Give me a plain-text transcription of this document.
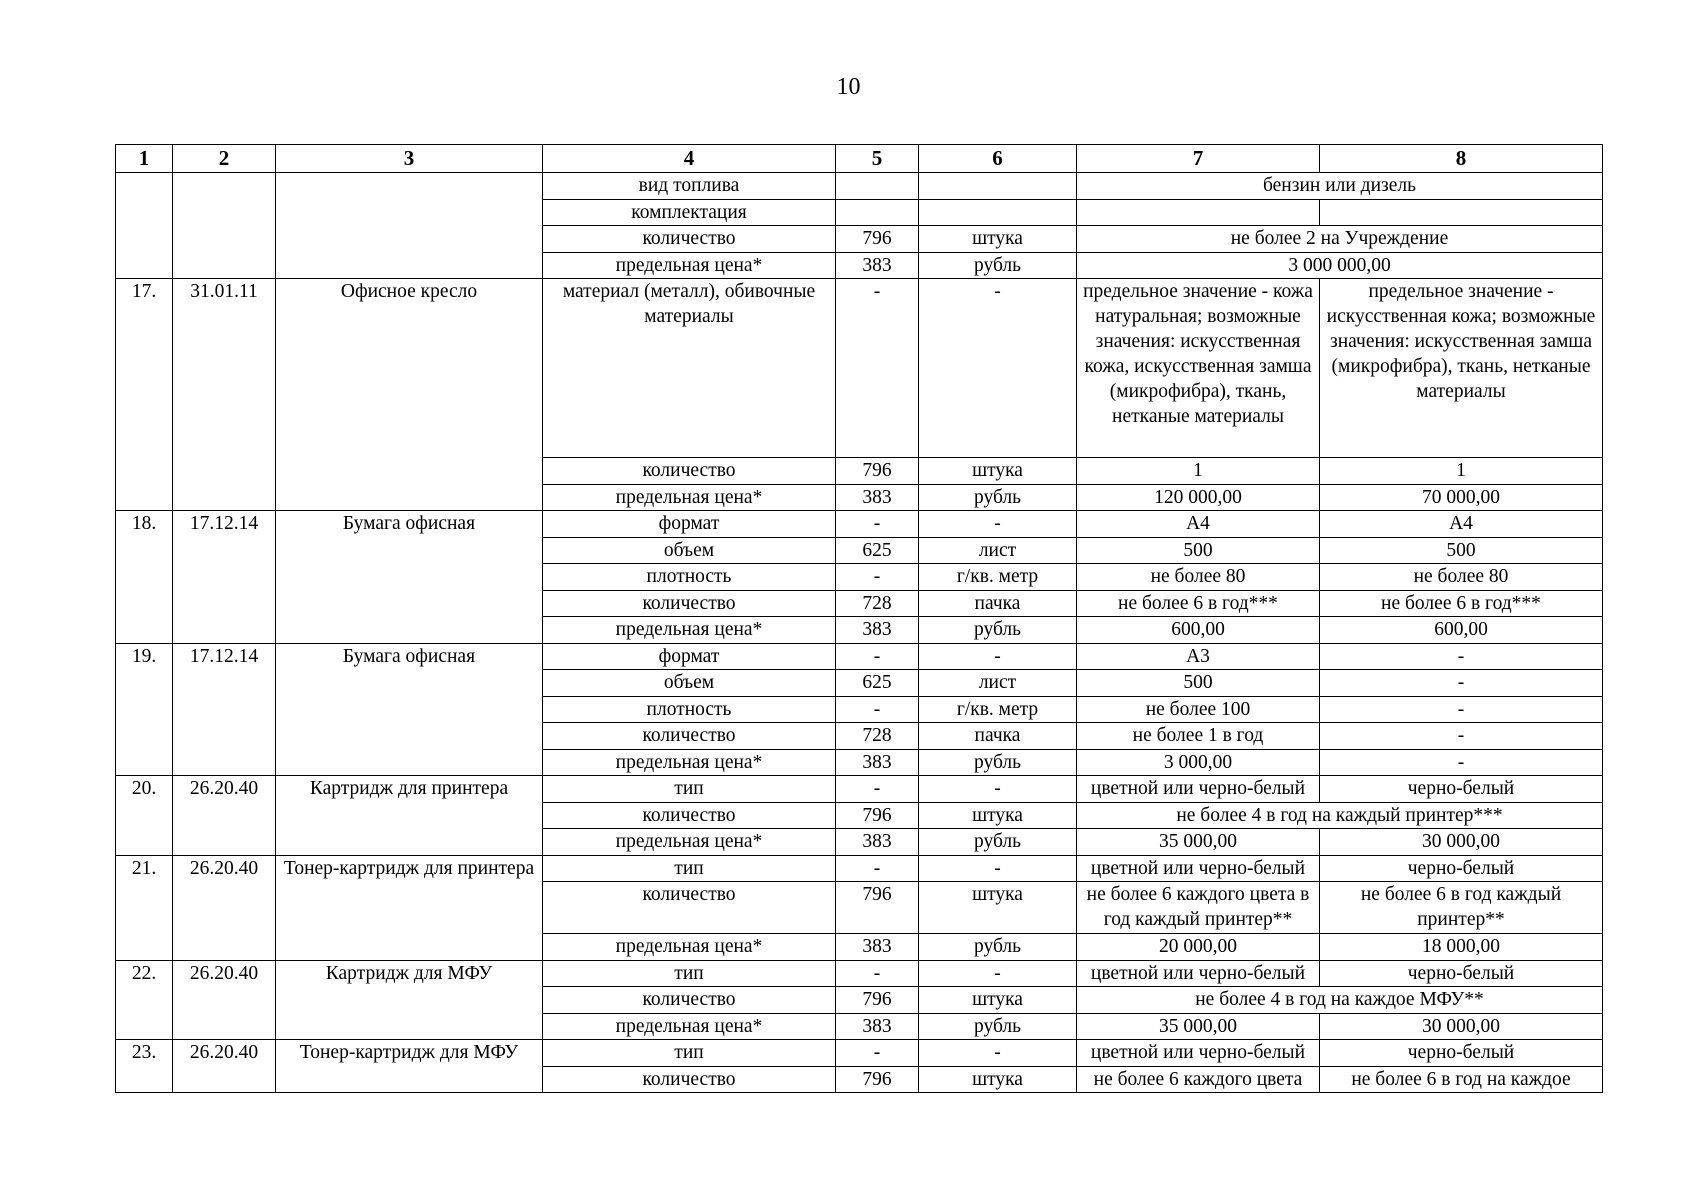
10
1	2	3	4	5	6	7	8
			вид топлива			бензин или дизель	
			комплектация				
			количество	796	штука	не более 2 на Учреждение	
			предельная цена*	383	рубль	3 000 000,00	
17.	31.01.11	Офисное кресло	материал (металл), обивочные материалы	-	-	предельное значение - кожа натуральная; возможные значения: искусственная кожа, искусственная замша (микрофибра), ткань, нетканые материалы	предельное значение - искусственная кожа; возможные значения: искусственная замша (микрофибра), ткань, нетканые материалы
			количество	796	штука	1	1
			предельная цена*	383	рубль	120 000,00	70 000,00
18.	17.12.14	Бумага офисная	формат	-	-	А4	А4
			объем	625	лист	500	500
			плотность	-	г/кв. метр	не более 80	не более 80
			количество	728	пачка	не более 6 в год***	не более 6 в год***
			предельная цена*	383	рубль	600,00	600,00
19.	17.12.14	Бумага офисная	формат	-	-	А3	-
			объем	625	лист	500	-
			плотность	-	г/кв. метр	не более 100	-
			количество	728	пачка	не более 1 в год	-
			предельная цена*	383	рубль	3 000,00	-
20.	26.20.40	Картридж для принтера	тип	-	-	цветной или черно-белый	черно-белый
			количество	796	штука	не более 4 в год на каждый принтер***	
			предельная цена*	383	рубль	35 000,00	30 000,00
21.	26.20.40	Тонер-картридж для принтера	тип	-	-	цветной или черно-белый	черно-белый
			количество	796	штука	не более 6 каждого цвета в год каждый принтер**	не более 6 в год каждый принтер**
			предельная цена*	383	рубль	20 000,00	18 000,00
22.	26.20.40	Картридж для МФУ	тип	-	-	цветной или черно-белый	черно-белый
			количество	796	штука	не более 4 в год на каждое МФУ**	
			предельная цена*	383	рубль	35 000,00	30 000,00
23.	26.20.40	Тонер-картридж для МФУ	тип	-	-	цветной или черно-белый	черно-белый
			количество	796	штука	не более 6 каждого цвета	не более 6 в год на каждое
